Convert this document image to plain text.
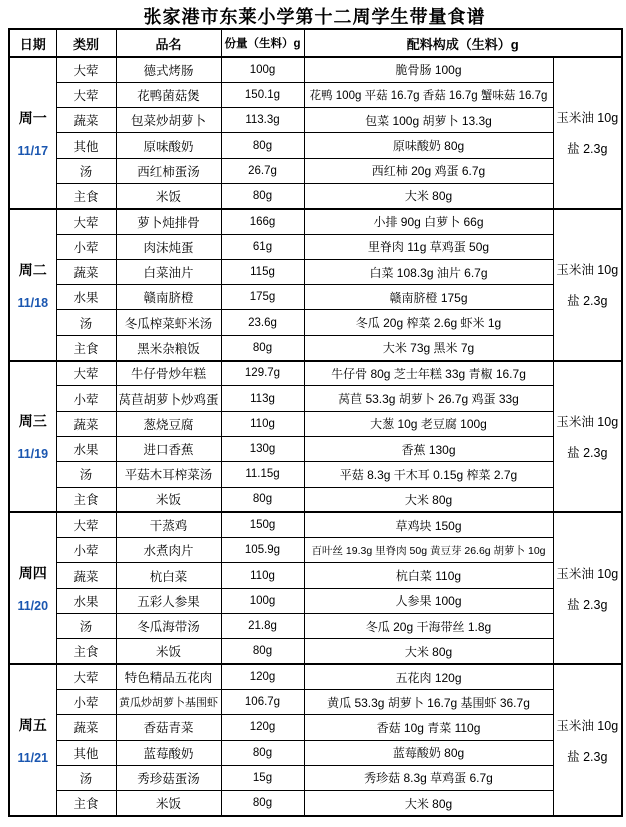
张家港市东莱小学第十二周学生带量食谱
日期	类别	品名	份量（生料）g	配料构成（生料）g	

周一
11/17
	大荤	德式烤肠	100g	脆骨肠 100g	
玉米油 10g
盐 2.3g

	大荤	花鸭菌菇煲	150.1g	花鸭 100g 平菇 16.7g 香菇 16.7g 蟹味菇 16.7g	
	蔬菜	包菜炒胡萝卜	113.3g	包菜 100g 胡萝卜 13.3g	
	其他	原味酸奶	80g	原味酸奶 80g	
	汤	西红柿蛋汤	26.7g	西红柿 20g 鸡蛋 6.7g	
	主食	米饭	80g	大米 80g	

周二
11/18
	大荤	萝卜炖排骨	166g	小排 90g 白萝卜 66g	
玉米油 10g
盐 2.3g

	小荤	肉沫炖蛋	61g	里脊肉 11g 草鸡蛋 50g	
	蔬菜	白菜油片	115g	白菜 108.3g 油片 6.7g	
	水果	赣南脐橙	175g	赣南脐橙 175g	
	汤	冬瓜榨菜虾米汤	23.6g	冬瓜 20g 榨菜 2.6g 虾米 1g	
	主食	黑米杂粮饭	80g	大米 73g 黑米 7g	

周三
11/19
	大荤	牛仔骨炒年糕	129.7g	牛仔骨 80g 芝士年糕 33g 青椒 16.7g	
玉米油 10g
盐 2.3g

	小荤	莴苣胡萝卜炒鸡蛋	113g	莴苣 53.3g 胡萝卜 26.7g 鸡蛋 33g	
	蔬菜	葱烧豆腐	110g	大葱 10g 老豆腐 100g	
	水果	进口香蕉	130g	香蕉 130g	
	汤	平菇木耳榨菜汤	11.15g	平菇 8.3g 干木耳 0.15g 榨菜 2.7g	
	主食	米饭	80g	大米 80g	

周四
11/20
	大荤	干蒸鸡	150g	草鸡块 150g	
玉米油 10g
盐 2.3g

	小荤	水煮肉片	105.9g	百叶丝 19.3g 里脊肉 50g 黄豆芽 26.6g 胡萝卜 10g	
	蔬菜	杭白菜	110g	杭白菜 110g	
	水果	五彩人参果	100g	人参果 100g	
	汤	冬瓜海带汤	21.8g	冬瓜 20g 干海带丝 1.8g	
	主食	米饭	80g	大米 80g	

周五
11/21
	大荤	特色精品五花肉	120g	五花肉 120g	
玉米油 10g
盐 2.3g

	小荤	黄瓜炒胡萝卜基围虾	106.7g	黄瓜 53.3g 胡萝卜 16.7g 基围虾 36.7g	
	蔬菜	香菇青菜	120g	香菇 10g 青菜 110g	
	其他	蓝莓酸奶	80g	蓝莓酸奶 80g	
	汤	秀珍菇蛋汤	15g	秀珍菇 8.3g 草鸡蛋 6.7g	
	主食	米饭	80g	大米 80g	
